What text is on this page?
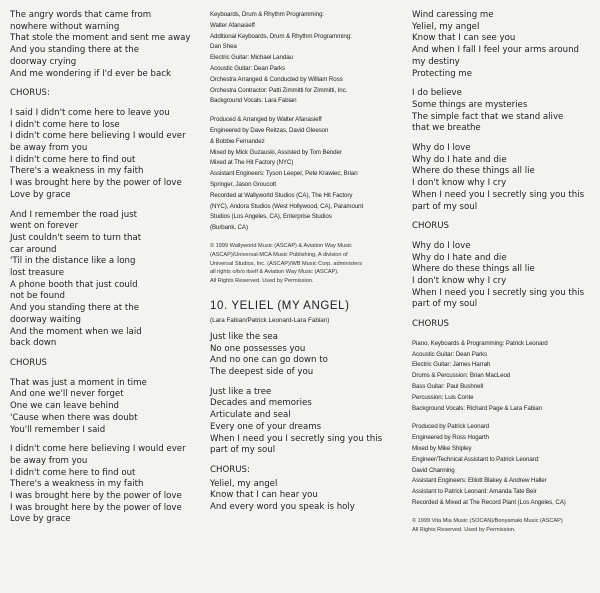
The angry words that came from
nowhere without warning
That stole the moment and sent me away
And you standing there at the
doorway crying
And me wondering if I'd ever be back
CHORUS:
I said I didn't come here to leave you
I didn't come here to lose
I didn't come here believing I would ever
be away from you
I didn't come here to find out
There's a weakness in my faith
I was brought here by the power of love
Love by grace
And I remember the road just
went on forever
Just couldn't seem to turn that
car around
'Til in the distance like a long
lost treasure
A phone booth that just could
not be found
And you standing there at the
doorway waiting
And the moment when we laid
back down
CHORUS
That was just a moment in time
And one we'll never forget
One we can leave behind
'Cause when there was doubt
You'll remember I said
I didn't come here believing I would ever
be away from you
I didn't come here to find out
There's a weakness in my faith
I was brought here by the power of love
I was brought here by the power of love
Love by grace
Keyboards, Drum & Rhythm Programming:
Walter Afanasieff
Additional Keyboards, Drum & Rhythm Programming:
Dan Shea
Electric Guitar: Michael Landau
Acoustic Guitar: Dean Parks
Orchestra Arranged & Conducted by William Ross
Orchestra Contractor: Patti Zimmitti for Zimmitti, Inc.
Background Vocals: Lara Fabian
Produced & Arranged by Walter Afanasieff
Engineered by Dave Reitzas, David Gleeson
& Bobbie Fernandez
Mixed by Mick Guzauski, Assisted by Tom Bender
Mixed at The Hit Factory (NYC)
Assistant Engineers: Tyson Leeper, Pete Krawiec, Brian
Springer, Jason Groucott
Recorded at Wallyworld Studios (CA), The Hit Factory
(NYC), Andora Studios (West Hollywood, CA), Paramount
Studios (Los Angeles, CA), Enterprise Studios
(Burbank, CA)
© 1999 Wallyworld Music (ASCAP) & Aviation Way Music
(ASCAP)/Universal-MCA Music Publishing, A division of
Universal Studios, Inc. (ASCAP)/WB Music Corp. administers
all rights o/b/o itself & Aviation Way Music (ASCAP).
All Rights Reserved. Used by Permission.
10. YELIEL (MY ANGEL)
(Lara Fabian/Patrick Leonard-Lara Fabian)
Just like the sea
No one possesses you
And no one can go down to
The deepest side of you
Just like a tree
Decades and memories
Articulate and seal
Every one of your dreams
When I need you I secretly sing you this
part of my soul
CHORUS:
Yeliel, my angel
Know that I can hear you
And every word you speak is holy
Wind caressing me
Yeliel, my angel
Know that I can see you
And when I fall I feel your arms around
my destiny
Protecting me
I do believe
Some things are mysteries
The simple fact that we stand alive
that we breathe
Why do I love
Why do I hate and die
Where do these things all lie
I don't know why I cry
When I need you I secretly sing you this
part of my soul
CHORUS
Why do I love
Why do I hate and die
Where do these things all lie
I don't know why I cry
When I need you I secretly sing you this
part of my soul
CHORUS
Piano, Keyboards & Programming: Patrick Leonard
Acoustic Guitar: Dean Parks
Electric Guitar: James Harrah
Drums & Percussion: Brian MacLeod
Bass Guitar: Paul Bushnell
Percussion: Luis Conte
Background Vocals: Richard Page & Lara Fabian
Produced by Patrick Leonard
Engineered by Ross Hogarth
Mixed by Mike Shipley
Engineer/Technical Assistant to Patrick Leonard:
David Channing
Assistant Engineers: Elliott Blakey & Andrew Haller
Assistant to Patrick Leonard: Amanda Tate Beir
Recorded & Mixed at The Record Plant (Los Angeles, CA)
© 1999 Vita Mia Music (SOCAN)/Bonyamaki Music (ASCAP)
All Rights Reserved. Used by Permission.
